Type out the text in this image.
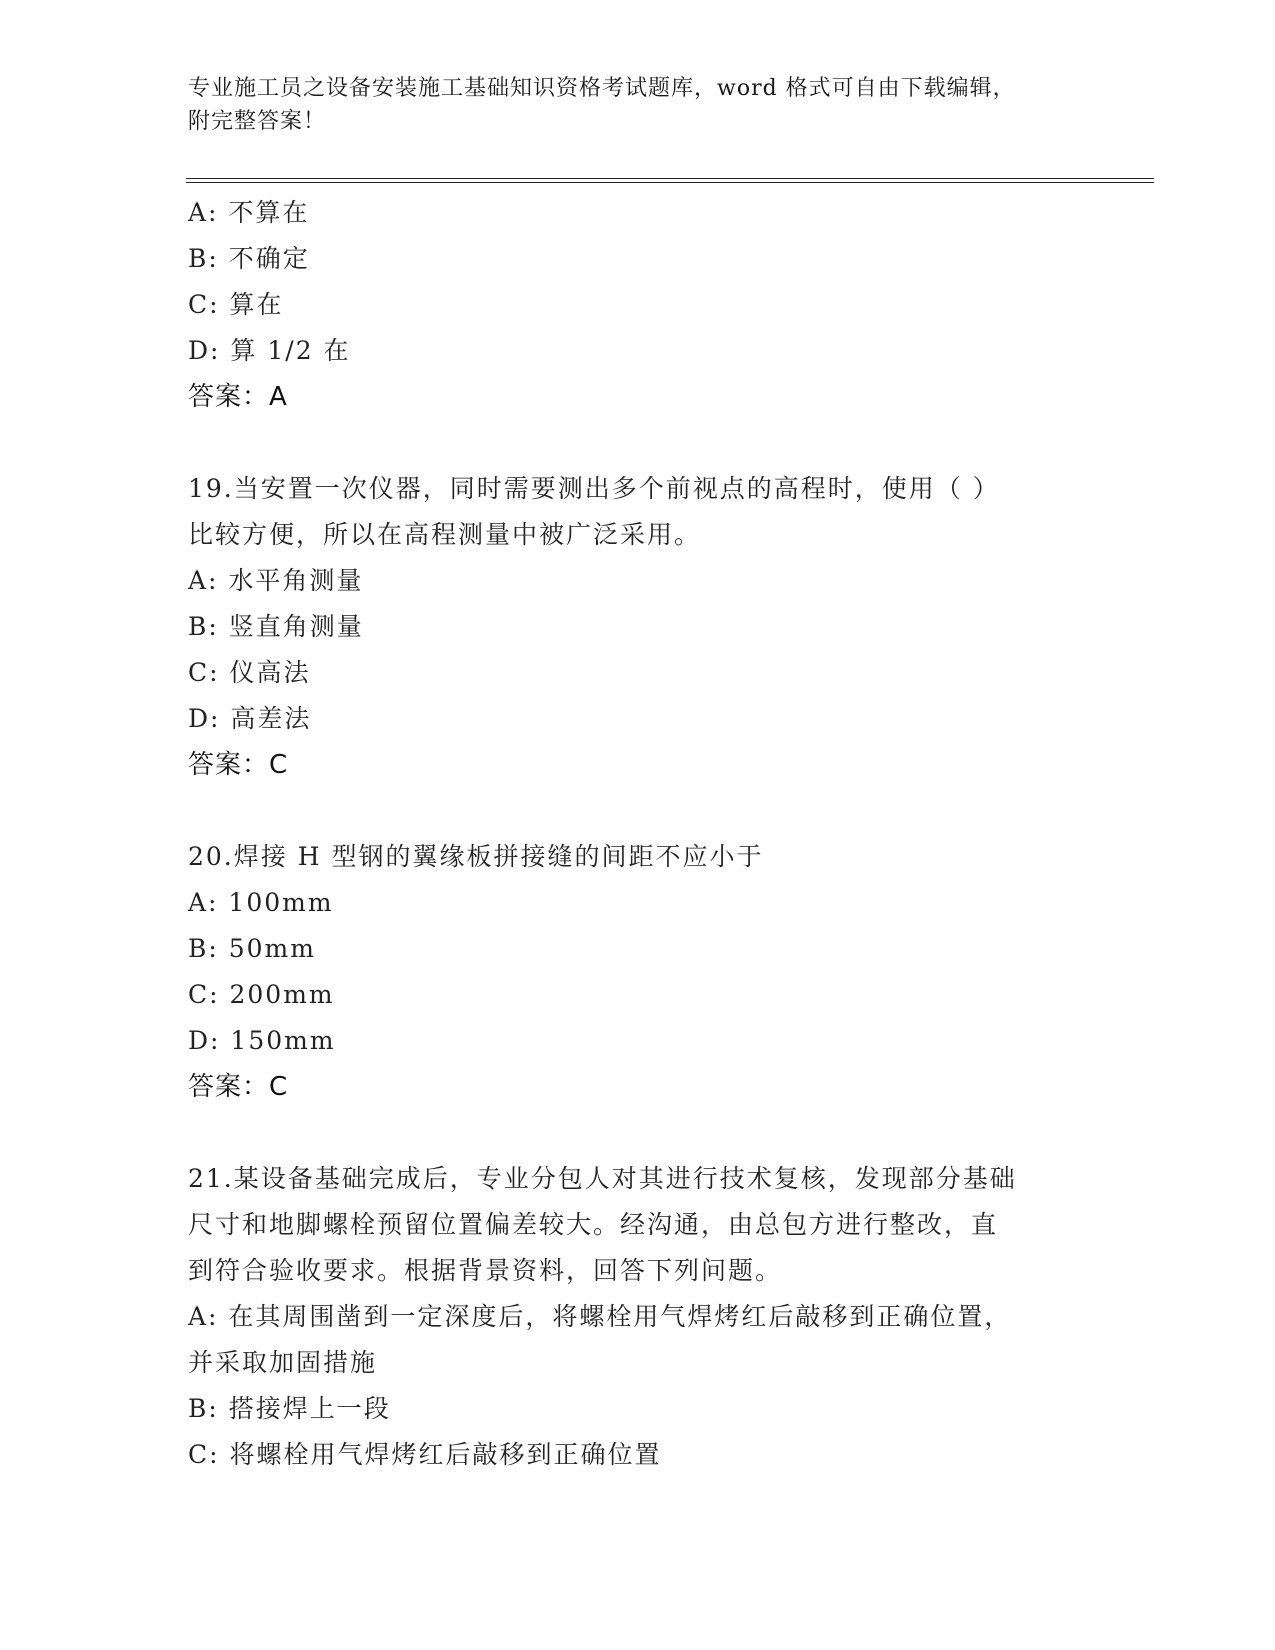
专业施工员之设备安装施工基础知识资格考试题库，word 格式可自由下载编辑，
附完整答案！
A: 不算在
B: 不确定
C: 算在
D: 算 1/2 在
答案：A
19.当安置一次仪器，同时需要测出多个前视点的高程时，使用（ ）
比较方便，所以在高程测量中被广泛采用。
A: 水平角测量
B: 竖直角测量
C: 仪高法
D: 高差法
答案：C
20.焊接 H 型钢的翼缘板拼接缝的间距不应小于
A: 100mm
B: 50mm
C: 200mm
D: 150mm
答案：C
21.某设备基础完成后，专业分包人对其进行技术复核，发现部分基础
尺寸和地脚螺栓预留位置偏差较大。经沟通，由总包方进行整改，直
到符合验收要求。根据背景资料，回答下列问题。
A: 在其周围凿到一定深度后，将螺栓用气焊烤红后敲移到正确位置，
并采取加固措施
B: 搭接焊上一段
C: 将螺栓用气焊烤红后敲移到正确位置
